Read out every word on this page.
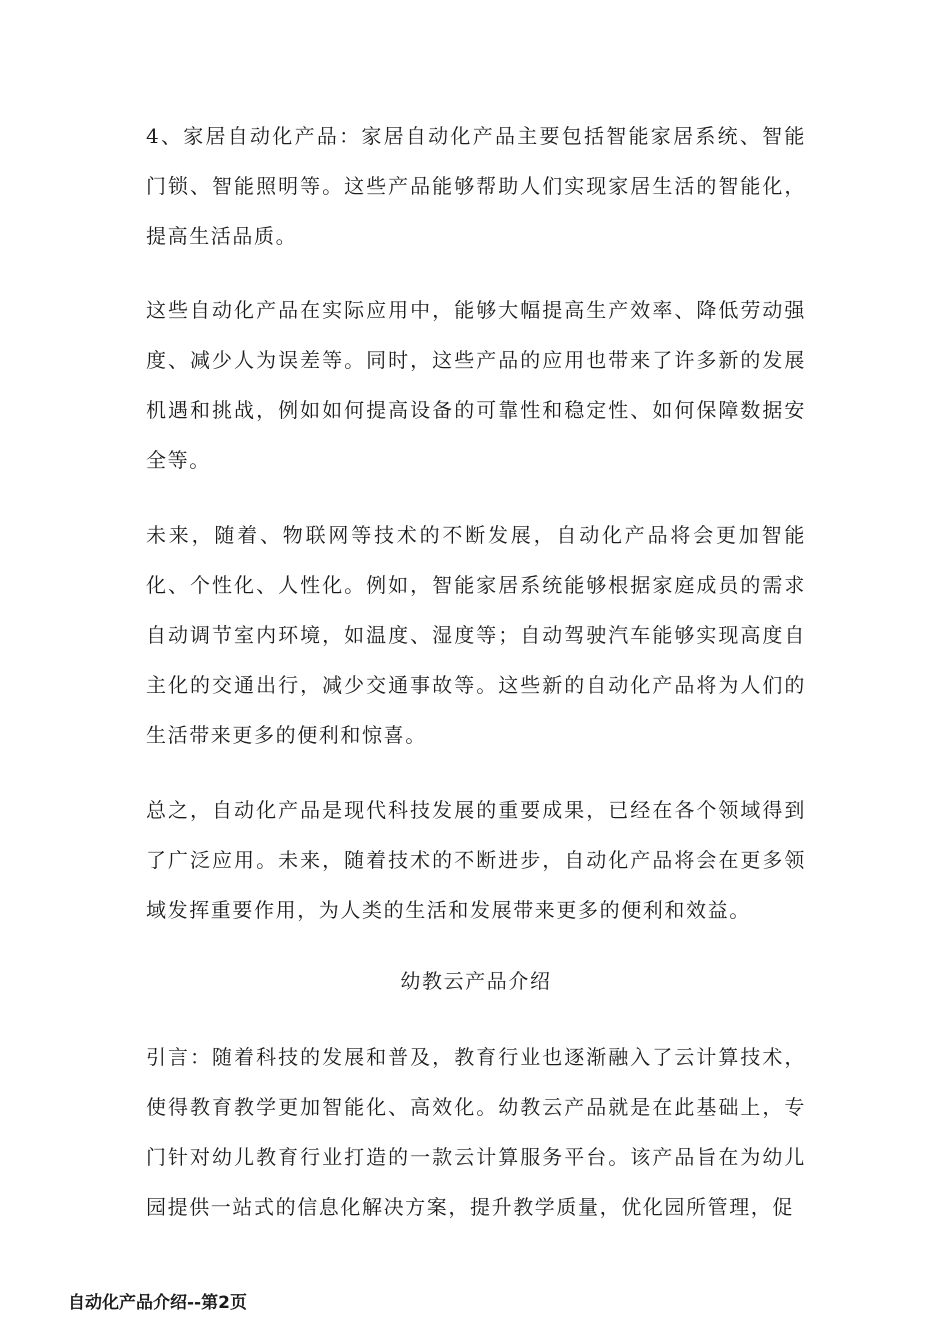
4、家居自动化产品：家居自动化产品主要包括智能家居系统、智能门锁、智能照明等。这些产品能够帮助人们实现家居生活的智能化，提高生活品质。

这些自动化产品在实际应用中，能够大幅提高生产效率、降低劳动强度、减少人为误差等。同时，这些产品的应用也带来了许多新的发展机遇和挑战，例如如何提高设备的可靠性和稳定性、如何保障数据安全等。

未来，随着、物联网等技术的不断发展，自动化产品将会更加智能化、个性化、人性化。例如，智能家居系统能够根据家庭成员的需求自动调节室内环境，如温度、湿度等；自动驾驶汽车能够实现高度自主化的交通出行，减少交通事故等。这些新的自动化产品将为人们的生活带来更多的便利和惊喜。

总之，自动化产品是现代科技发展的重要成果，已经在各个领域得到了广泛应用。未来，随着技术的不断进步，自动化产品将会在更多领域发挥重要作用，为人类的生活和发展带来更多的便利和效益。

幼教云产品介绍

引言：随着科技的发展和普及，教育行业也逐渐融入了云计算技术，使得教育教学更加智能化、高效化。幼教云产品就是在此基础上，专门针对幼儿教育行业打造的一款云计算服务平台。该产品旨在为幼儿园提供一站式的信息化解决方案，提升教学质量，优化园所管理，促

自动化产品介绍--第2页
